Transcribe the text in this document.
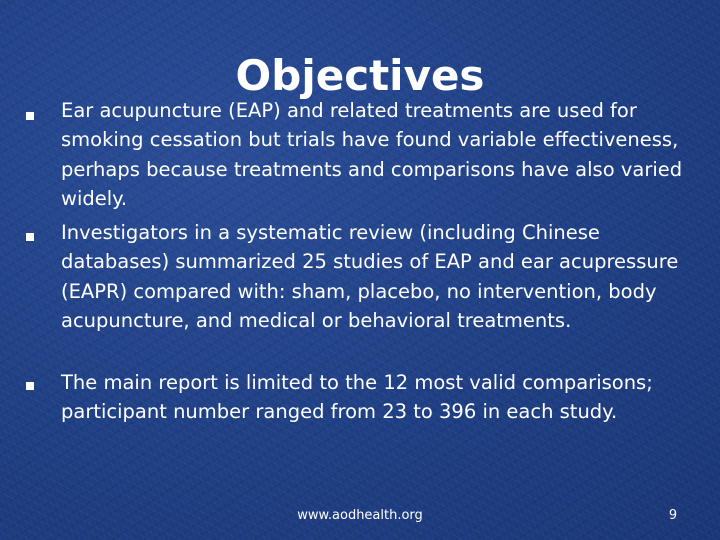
Objectives

Ear acupuncture (EAP) and related treatments are used for smoking cessation but trials have found variable effectiveness, perhaps because treatments and comparisons have also varied widely.

Investigators in a systematic review (including Chinese databases) summarized 25 studies of EAP and ear acupressure (EAPR) compared with: sham, placebo, no intervention, body acupuncture, and medical or behavioral treatments.

The main report is limited to the 12 most valid comparisons; participant number ranged from 23 to 396 in each study.

www.aodhealth.org	9
